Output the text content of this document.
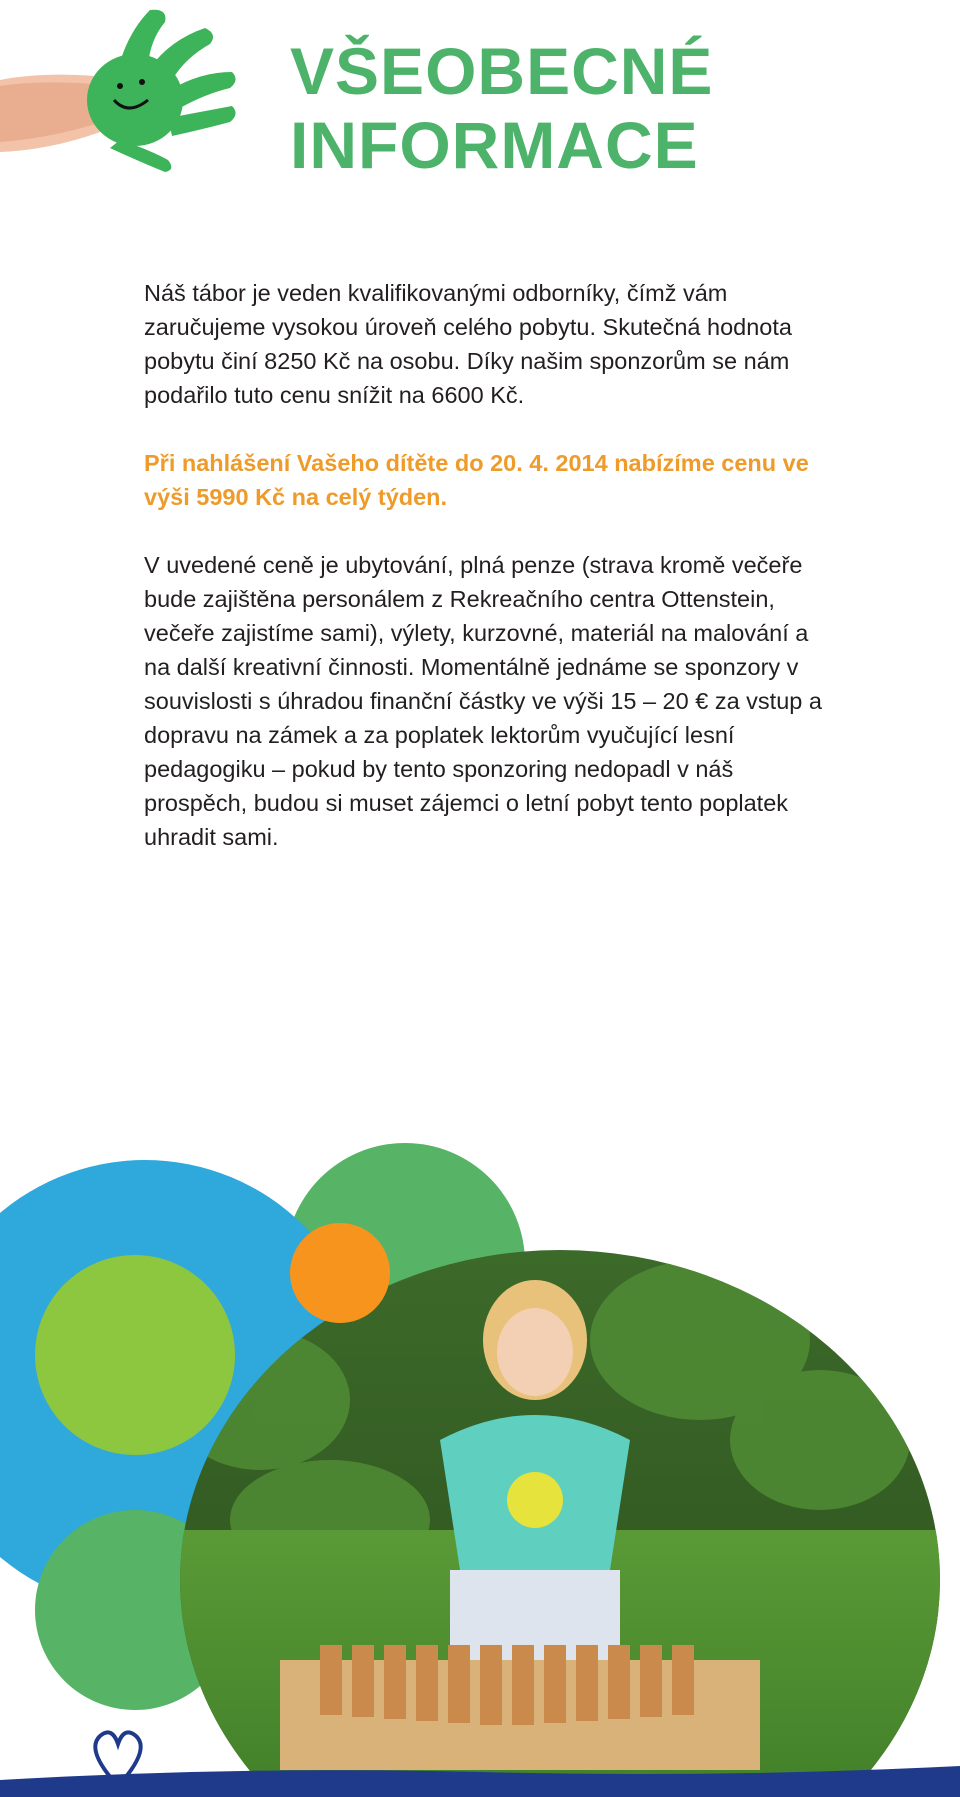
VŠEOBECNÉ
INFORMACE

Náš tábor je veden kvalifikovanými odborníky, čímž vám zaručujeme vysokou úroveň celého pobytu. Skutečná hodnota pobytu činí 8250 Kč na osobu. Díky našim sponzorům se nám podařilo tuto cenu snížit na 6600 Kč.

Při nahlášení Vašeho dítěte do 20. 4. 2014 nabízíme cenu ve výši 5990 Kč na celý týden.

V uvedené ceně je ubytování, plná penze (strava kromě večeře bude zajištěna personálem z Rekreačního centra Ottenstein, večeře zajistíme sami), výlety, kurzovné, materiál na malování a na další kreativní činnosti. Momentálně jednáme se sponzory v souvislosti s úhradou finanční částky ve výši 15 – 20 € za vstup a dopravu na zámek a za poplatek lektorům vyučující lesní pedagogiku – pokud by tento sponzoring nedopadl v náš prospěch, budou si muset zájemci o letní pobyt tento poplatek uhradit sami.
